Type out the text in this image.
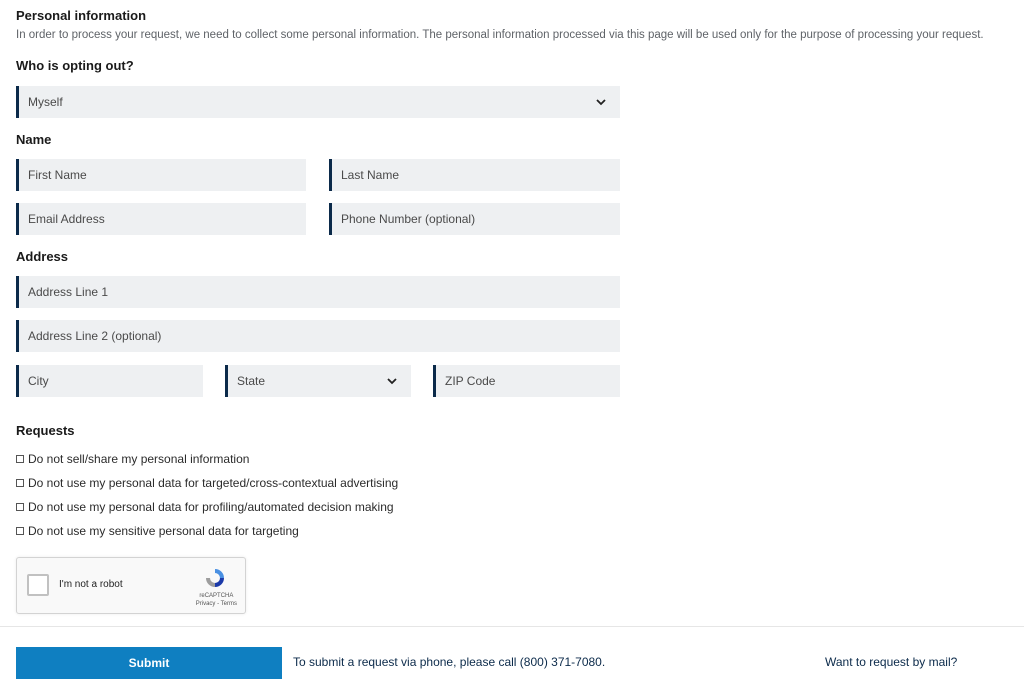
Personal information
In order to process your request, we need to collect some personal information. The personal information processed via this page will be used only for the purpose of processing your request.
Who is opting out?
Myself
Name
First Name	Last Name
Email Address	Phone Number (optional)
Address
Address Line 1
Address Line 2 (optional)
City	State	ZIP Code
Requests
Do not sell/share my personal information
Do not use my personal data for targeted/cross-contextual advertising
Do not use my personal data for profiling/automated decision making
Do not use my sensitive personal data for targeting
I'm not a robot
reCAPTCHA
Privacy - Terms
Submit	To submit a request via phone, please call (800) 371-7080.	Want to request by mail?
